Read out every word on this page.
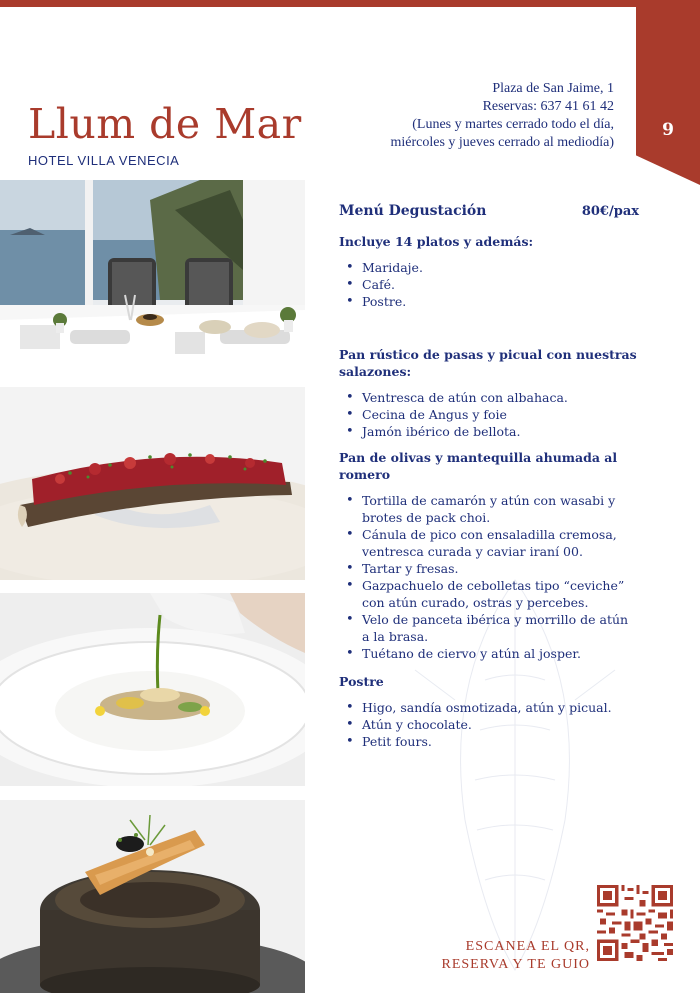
9
Llum de Mar
HOTEL VILLA VENECIA
Plaza de San Jaime, 1
Reservas: 637 41 61 42
(Lunes y martes cerrado todo el día,
miércoles y jueves cerrado al mediodía)
Menú Degustación	80€/pax
Incluye 14 platos y además:
• Maridaje.
• Café.
• Postre.
Pan rústico de pasas y picual con nuestras salazones:
• Ventresca de atún con albahaca.
• Cecina de Angus y foie
• Jamón ibérico de bellota.
Pan de olivas y mantequilla ahumada al romero
• Tortilla de camarón y atún con wasabi y brotes de pack choi.
• Cánula de pico con ensaladilla cremosa, ventresca curada y caviar iraní 00.
• Tartar y fresas.
• Gazpachuelo de cebolletas tipo “ceviche” con atún curado, ostras y percebes.
• Velo de panceta ibérica y morrillo de atún a la brasa.
• Tuétano de ciervo y atún al josper.
Postre
• Higo, sandía osmotizada, atún y picual.
• Atún y chocolate.
• Petit fours.
ESCANEA EL QR,
RESERVA Y TE GUIO
